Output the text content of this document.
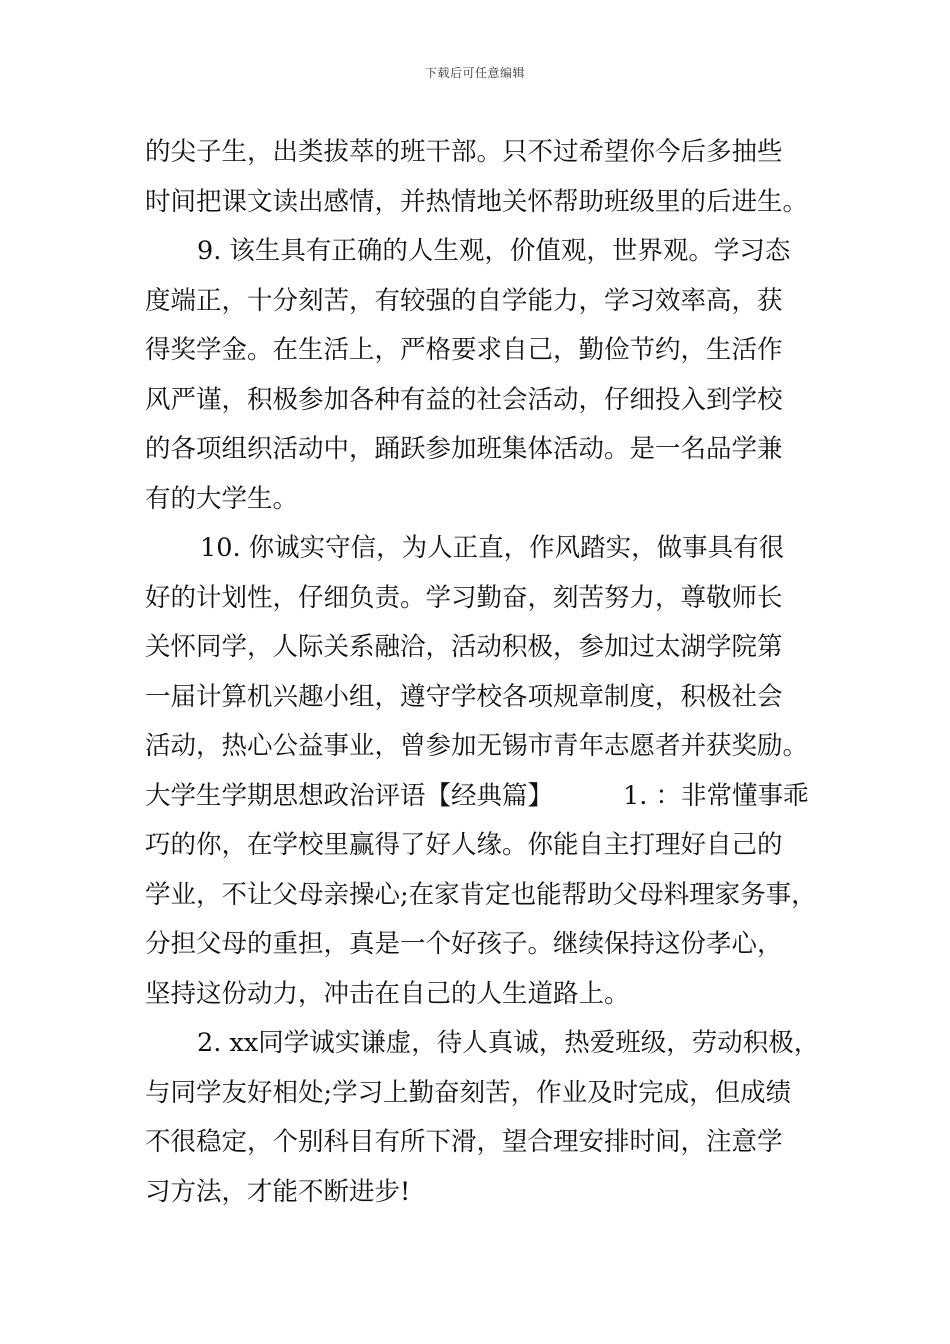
下载后可任意编辑
的尖子生，出类拔萃的班干部。只不过希望你今后多抽些
时间把课文读出感情，并热情地关怀帮助班级里的后进生。
9. 该生具有正确的人生观，价值观，世界观。学习态
度端正，十分刻苦，有较强的自学能力，学习效率高，获
得奖学金。在生活上，严格要求自己，勤俭节约，生活作
风严谨，积极参加各种有益的社会活动，仔细投入到学校
的各项组织活动中，踊跃参加班集体活动。是一名品学兼
有的大学生。
10. 你诚实守信，为人正直，作风踏实，做事具有很
好的计划性，仔细负责。学习勤奋，刻苦努力，尊敬师长
关怀同学，人际关系融洽，活动积极，参加过太湖学院第
一届计算机兴趣小组，遵守学校各项规章制度，积极社会
活动，热心公益事业，曾参加无锡市青年志愿者并获奖励。
大学生学期思想政治评语【经典篇】	1. ：非常懂事乖
巧的你，在学校里赢得了好人缘。你能自主打理好自己的
学业，不让父母亲操心;在家肯定也能帮助父母料理家务事，
分担父母的重担，真是一个好孩子。继续保持这份孝心，
坚持这份动力，冲击在自己的人生道路上。
2. xx同学诚实谦虚，待人真诚，热爱班级，劳动积极，
与同学友好相处;学习上勤奋刻苦，作业及时完成，但成绩
不很稳定，个别科目有所下滑，望合理安排时间，注意学
习方法，才能不断进步!
